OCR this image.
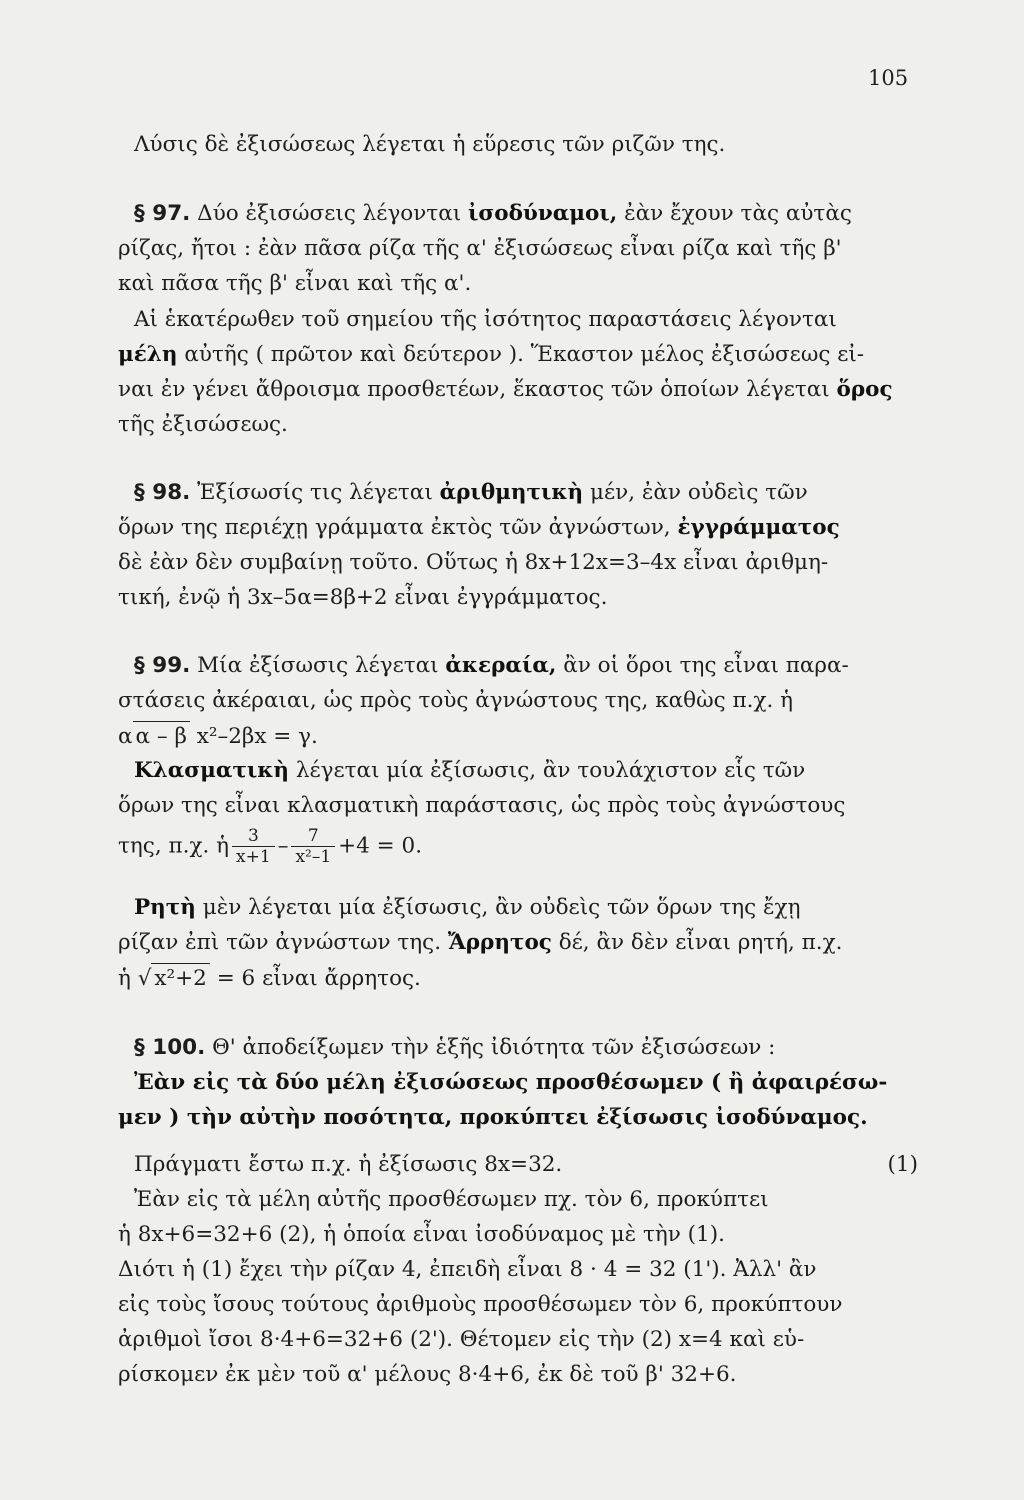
105
Λύσις δὲ ἐξισώσεως λέγεται ἡ εὕρεσις τῶν ριζῶν της.
§ 97. Δύο ἐξισώσεις λέγονται ἰσοδύναμοι, ἐὰν ἔχουν τὰς αὐτὰς
ρίζας, ἤτοι : ἐὰν πᾶσα ρίζα τῆς α' ἐξισώσεως εἶναι ρίζα καὶ τῆς β'
καὶ πᾶσα τῆς β' εἶναι καὶ τῆς α'.
Αἱ ἑκατέρωθεν τοῦ σημείου τῆς ἰσότητος παραστάσεις λέγονται
μέλη αὐτῆς ( πρῶτον καὶ δεύτερον ). Ἕκαστον μέλος ἐξισώσεως εἰ-
ναι ἐν γένει ἄθροισμα προσθετέων, ἕκαστος τῶν ὁποίων λέγεται ὅρος
τῆς ἐξισώσεως.
§ 98. Ἐξίσωσίς τις λέγεται ἀριθμητικὴ μέν, ἐὰν οὐδεὶς τῶν
ὅρων της περιέχῃ γράμματα ἐκτὸς τῶν ἀγνώστων, ἐγγράμματος
δὲ ἐὰν δὲν συμβαίνῃ τοῦτο. Οὕτως ἡ 8x+12x=3–4x εἶναι ἀριθμη-
τική, ἐνῷ ἡ 3x–5α=8β+2 εἶναι ἐγγράμματος.
§ 99. Μία ἐξίσωσις λέγεται ἀκεραία, ἂν οἱ ὅροι της εἶναι παρα-
στάσεις ἀκέραιαι, ὡς πρὸς τοὺς ἀγνώστους της, καθὼς π.χ. ἡ
α α – β x²–2βx = γ.
Κλασματικὴ λέγεται μία ἐξίσωσις, ἂν τουλάχιστον εἷς τῶν
ὅρων της εἶναι κλασματικὴ παράστασις, ὡς πρὸς τοὺς ἀγνώστους
της, π.χ. ἡ $\frac{3}{x+1} - \frac{7}{\text{x²–1}} +4 = 0$.
Ρητὴ μὲν λέγεται μία ἐξίσωσις, ἂν οὐδεὶς τῶν ὅρων της ἔχῃ
ρίζαν ἐπὶ τῶν ἀγνώστων της. Ἄρρητος δέ, ἂν δὲν εἶναι ρητή, π.χ.
ἡ √ x²+2 = 6 εἶναι ἄρρητος.
§ 100. Θ' ἀποδείξωμεν τὴν ἑξῆς ἰδιότητα τῶν ἐξισώσεων :
Ἐὰν εἰς τὰ δύο μέλη ἐξισώσεως προσθέσωμεν ( ἢ ἀφαιρέσω-
μεν ) τὴν αὐτὴν ποσότητα, προκύπτει ἐξίσωσις ἰσοδύναμος.
Πράγματι ἔστω π.χ. ἡ ἐξίσωσις 8x=32.	(1)
Ἐὰν εἰς τὰ μέλη αὐτῆς προσθέσωμεν πχ. τὸν 6, προκύπτει
ἡ 8x+6=32+6 (2), ἡ ὁποία εἶναι ἰσοδύναμος μὲ τὴν (1).
Διότι ἡ (1) ἔχει τὴν ρίζαν 4, ἐπειδὴ εἶναι 8 · 4 = 32 (1'). Ἀλλ' ἂν
εἰς τοὺς ἴσους τούτους ἀριθμοὺς προσθέσωμεν τὸν 6, προκύπτουν
ἀριθμοὶ ἴσοι 8·4+6=32+6 (2'). Θέτομεν εἰς τὴν (2) x=4 καὶ εὑ-
ρίσκομεν ἐκ μὲν τοῦ α' μέλους 8·4+6, ἐκ δὲ τοῦ β' 32+6.
